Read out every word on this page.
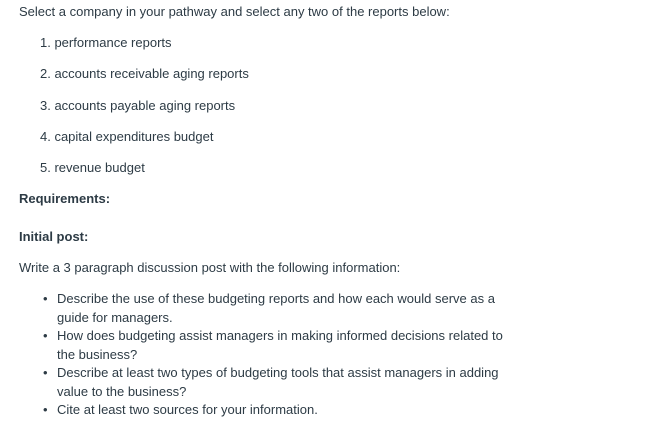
Select a company in your pathway and select any two of the reports below:

1. performance reports
2. accounts receivable aging reports
3. accounts payable aging reports
4. capital expenditures budget
5. revenue budget

Requirements:

Initial post:

Write a 3 paragraph discussion post with the following information:

• Describe the use of these budgeting reports and how each would serve as a guide for managers.
• How does budgeting assist managers in making informed decisions related to the business?
• Describe at least two types of budgeting tools that assist managers in adding value to the business?
• Cite at least two sources for your information.
